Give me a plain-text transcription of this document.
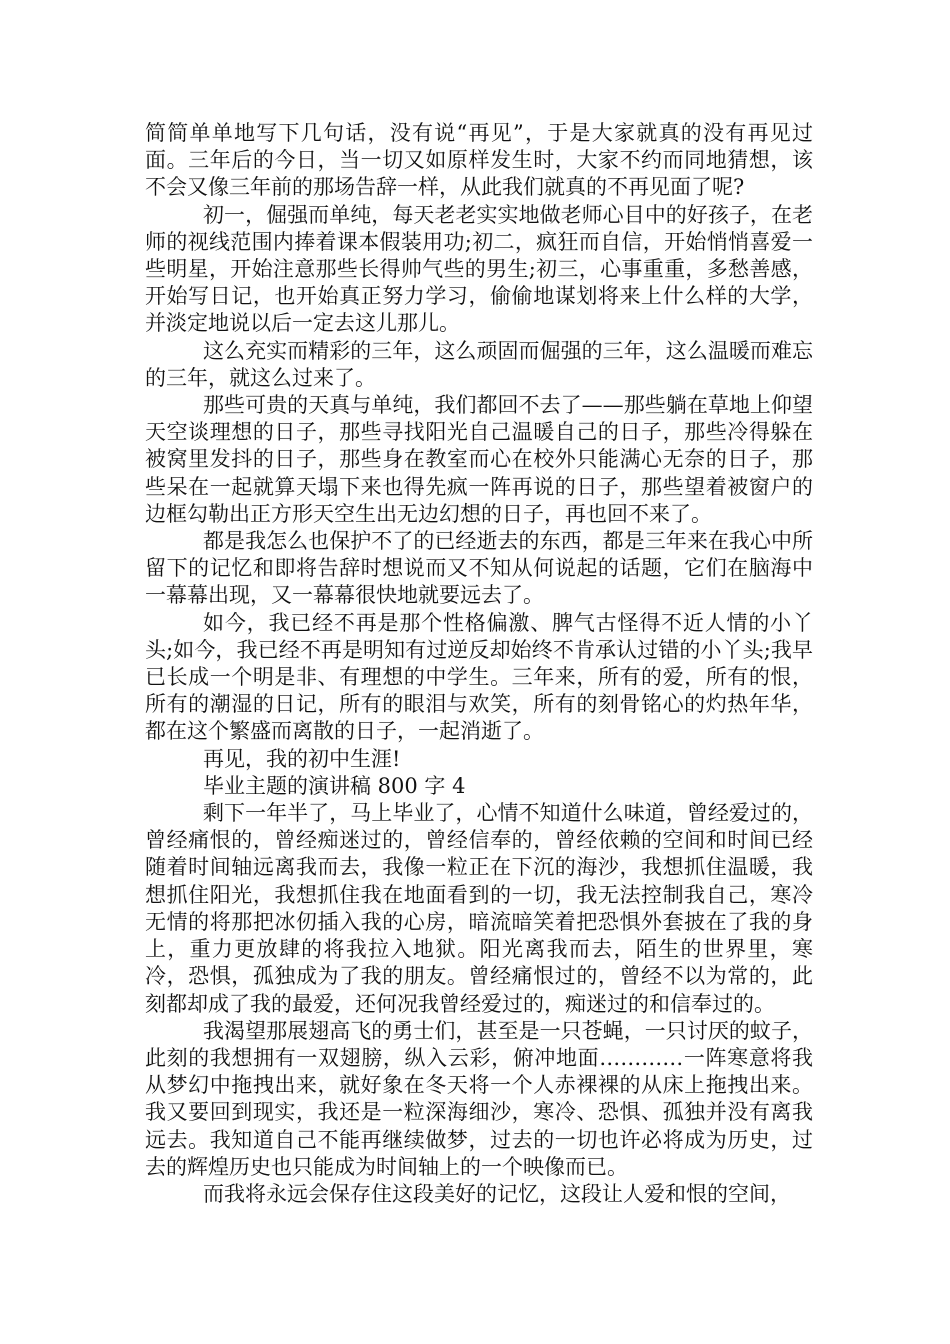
简简单单地写下几句话，没有说“再见”，于是大家就真的没有再见过面。三年后的今日，当一切又如原样发生时，大家不约而同地猜想，该不会又像三年前的那场告辞一样，从此我们就真的不再见面了呢?

初一，倔强而单纯，每天老老实实地做老师心目中的好孩子，在老师的视线范围内捧着课本假装用功;初二，疯狂而自信，开始悄悄喜爱一些明星，开始注意那些长得帅气些的男生;初三，心事重重，多愁善感，开始写日记，也开始真正努力学习，偷偷地谋划将来上什么样的大学，并淡定地说以后一定去这儿那儿。

这么充实而精彩的三年，这么顽固而倔强的三年，这么温暖而难忘的三年，就这么过来了。

那些可贵的天真与单纯，我们都回不去了——那些躺在草地上仰望天空谈理想的日子，那些寻找阳光自己温暖自己的日子，那些冷得躲在被窝里发抖的日子，那些身在教室而心在校外只能满心无奈的日子，那些呆在一起就算天塌下来也得先疯一阵再说的日子，那些望着被窗户的边框勾勒出正方形天空生出无边幻想的日子，再也回不来了。

都是我怎么也保护不了的已经逝去的东西，都是三年来在我心中所留下的记忆和即将告辞时想说而又不知从何说起的话题，它们在脑海中一幕幕出现，又一幕幕很快地就要远去了。

如今，我已经不再是那个性格偏激、脾气古怪得不近人情的小丫头;如今，我已经不再是明知有过逆反却始终不肯承认过错的小丫头;我早已长成一个明是非、有理想的中学生。三年来，所有的爱，所有的恨，所有的潮湿的日记，所有的眼泪与欢笑，所有的刻骨铭心的灼热年华，都在这个繁盛而离散的日子，一起消逝了。

再见，我的初中生涯!

毕业主题的演讲稿 800 字 4

剩下一年半了，马上毕业了，心情不知道什么味道，曾经爱过的，曾经痛恨的，曾经痴迷过的，曾经信奉的，曾经依赖的空间和时间已经随着时间轴远离我而去，我像一粒正在下沉的海沙，我想抓住温暖，我想抓住阳光，我想抓住我在地面看到的一切，我无法控制我自己，寒冷无情的将那把冰仞插入我的心房，暗流暗笑着把恐惧外套披在了我的身上，重力更放肆的将我拉入地狱。阳光离我而去，陌生的世界里，寒冷，恐惧，孤独成为了我的朋友。曾经痛恨过的，曾经不以为常的，此刻都却成了我的最爱，还何况我曾经爱过的，痴迷过的和信奉过的。

我渴望那展翅高飞的勇士们，甚至是一只苍蝇，一只讨厌的蚊子，此刻的我想拥有一双翅膀，纵入云彩，俯冲地面…………一阵寒意将我从梦幻中拖拽出来，就好象在冬天将一个人赤裸裸的从床上拖拽出来。我又要回到现实，我还是一粒深海细沙，寒冷、恐惧、孤独并没有离我远去。我知道自己不能再继续做梦，过去的一切也许必将成为历史，过去的辉煌历史也只能成为时间轴上的一个映像而已。

而我将永远会保存住这段美好的记忆，这段让人爱和恨的空间，
